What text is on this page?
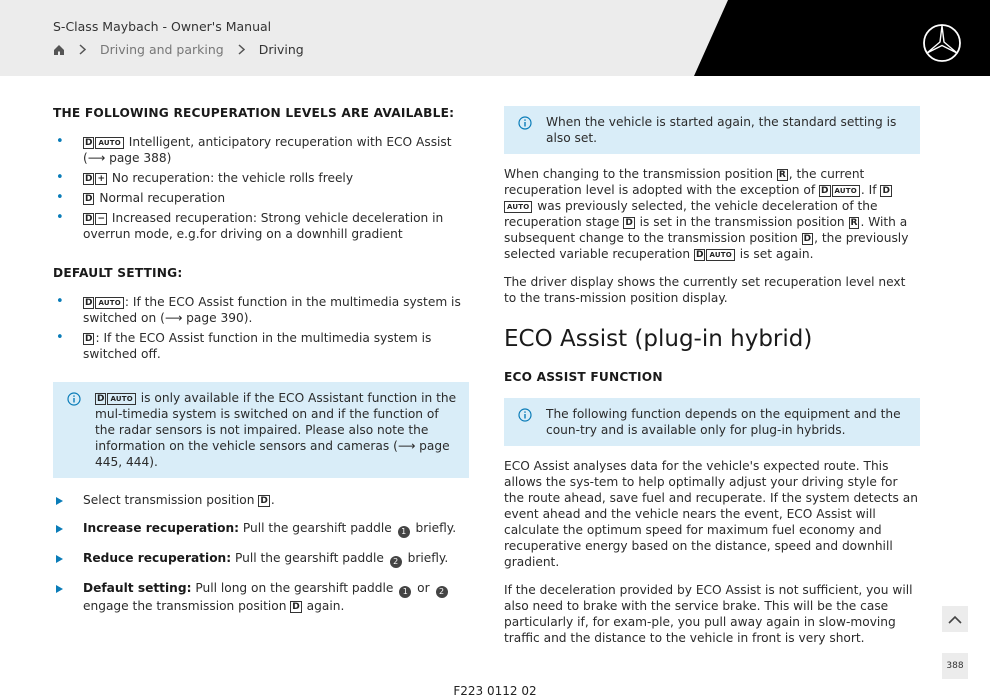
S-Class Maybach - Owner's Manual
Driving and parking	Driving
THE FOLLOWING RECUPERATION LEVELS ARE AVAILABLE:
• D AUTO Intelligent, anticipatory recuperation with ECO Assist (⟶ page 388)
• D + No recuperation: the vehicle rolls freely
• D Normal recuperation
• D − Increased recuperation: Strong vehicle deceleration in overrun mode, e.g.for driving on a downhill gradient
DEFAULT SETTING:
• D AUTO : If the ECO Assist function in the multimedia system is switched on (⟶ page 390).
• D : If the ECO Assist function in the multimedia system is switched off.
D AUTO is only available if the ECO Assistant function in the mul-timedia system is switched on and if the function of the radar sensors is not impaired. Please also note the information on the vehicle sensors and cameras (⟶ page 445, 444).
Select transmission position D .
Increase recuperation: Pull the gearshift paddle 1 briefly.
Reduce recuperation: Pull the gearshift paddle 2 briefly.
Default setting: Pull long on the gearshift paddle 1 or 2 engage the transmission position D again.
When the vehicle is started again, the standard setting is also set.

When changing to the transmission position R , the current recuperation level is adopted with the exception of D AUTO . If DAUTO was previously selected, the vehicle deceleration of the recuperation stage D is set in the transmission position R . With a subsequent change to the transmission position D , the previously selected variable recuperation D AUTO is set again.

The driver display shows the currently set recuperation level next to the trans-mission position display.

ECO Assist (plug-in hybrid)
ECO ASSIST FUNCTION
The following function depends on the equipment and the coun-try and is available only for plug-in hybrids.

ECO Assist analyses data for the vehicle's expected route. This allows the sys-tem to help optimally adjust your driving style for the route ahead, save fuel and recuperate. If the system detects an event ahead and the vehicle nears the event, ECO Assist will calculate the optimum speed for maximum fuel economy and recuperative energy based on the distance, speed and downhill gradient.

If the deceleration provided by ECO Assist is not sufficient, you will also need to brake with the service brake. This will be the case particularly if, for exam-ple, you pull away again in slow-moving traffic and the distance to the vehicle in front is very short.

388
F223 0112 02
